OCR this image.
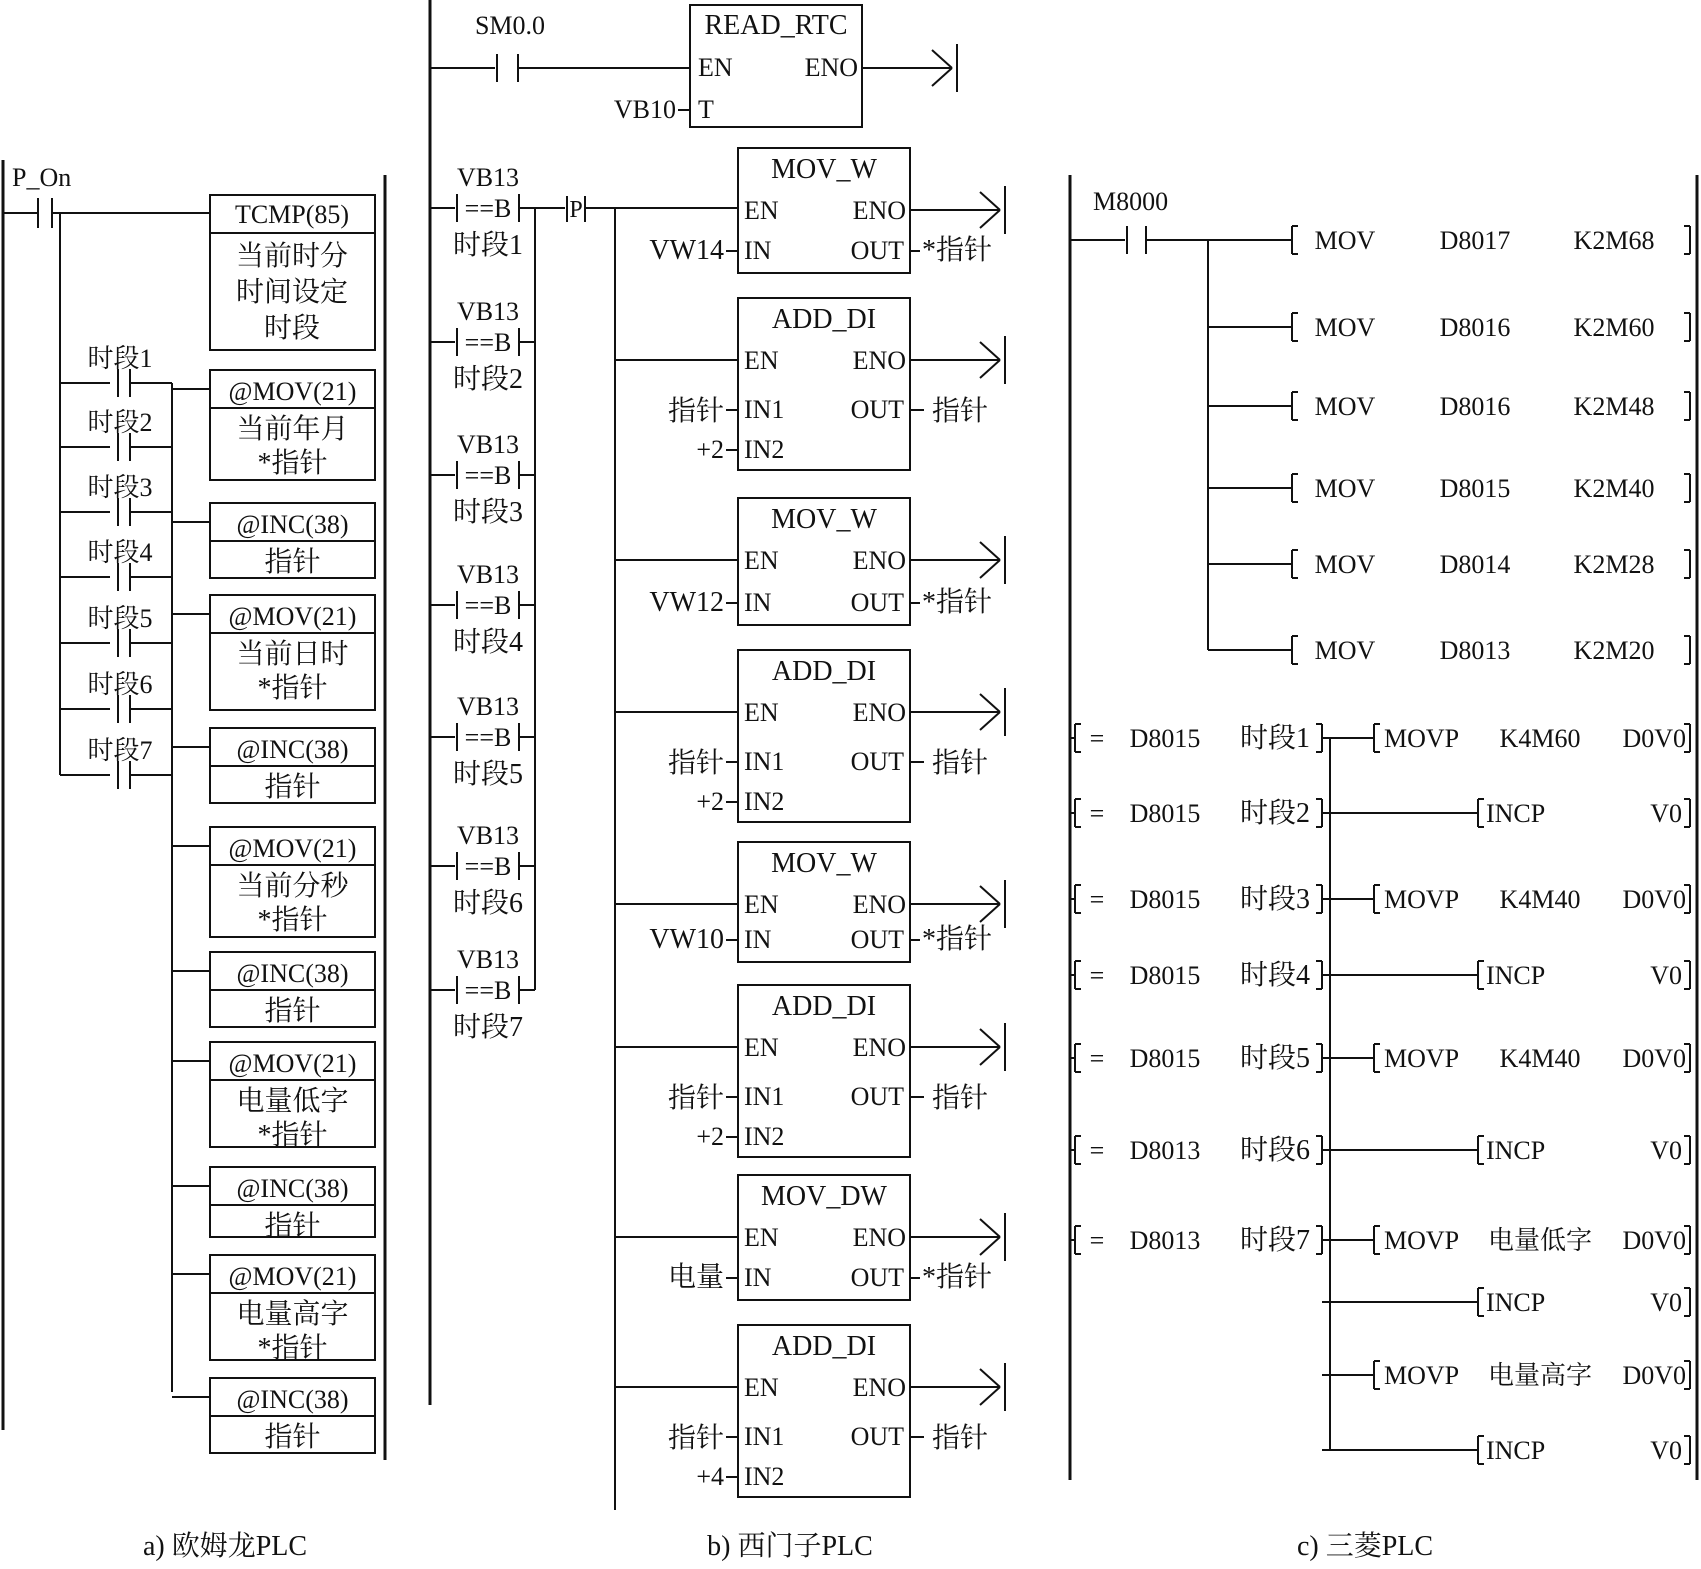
P_On
TCMP(85)
当前时分
时间设定
时段
时段1
时段2
时段3
时段4
时段5
时段6
时段7
@MOV(21)
当前年月
*指针
@INC(38)
指针
@MOV(21)
当前日时
*指针
@INC(38)
指针
@MOV(21)
当前分秒
*指针
@INC(38)
指针
@MOV(21)
电量低字
*指针
@INC(38)
指针
@MOV(21)
电量高字
*指针
@INC(38)
指针
SM0.0	READ_RTC
EN	ENO
T
VB10
VB13
==B
时段1
VB13
==B
时段2
VB13
==B
时段3
VB13
==B
时段4
VB13
==B
时段5
VB13
==B
时段6
VB13
==B
时段7
P
MOV_W
EN	ENO
IN
VW14	OUT *指针
ADD_DI
EN	ENO
IN1
指针
IN2
+2
OUT 指针
MOV_W
EN	ENO
IN
VW12	OUT *指针
ADD_DI
EN	ENO
IN1
指针
IN2
+2
OUT 指针
MOV_W
EN	ENO
IN
VW10	OUT *指针
ADD_DI
EN	ENO
IN1
指针
IN2
+2
OUT 指针
MOV_DW
EN	ENO
IN
电量	OUT *指针
ADD_DI
EN	ENO
IN1
指针
IN2
+4
OUT 指针
M8000
MOV D8017 K2M68
MOV D8016 K2M60
MOV D8016 K2M48
MOV D8015 K2M40
MOV D8014 K2M28
MOV D8013 K2M20
= D8015 时段1
= D8015 时段2
= D8015 时段3
= D8015 时段4
= D8015 时段5
= D8013 时段6
= D8013 时段7
MOVP K4M60 D0V0
INCP	V0
MOVP K4M40 D0V0
INCP	V0
MOVP K4M40 D0V0
INCP	V0
MOVP 电量低字 D0V0
INCP	V0
MOVP 电量高字 D0V0
INCP	V0
a) 欧姆龙PLC	b) 西门子PLC	c) 三菱PLC
